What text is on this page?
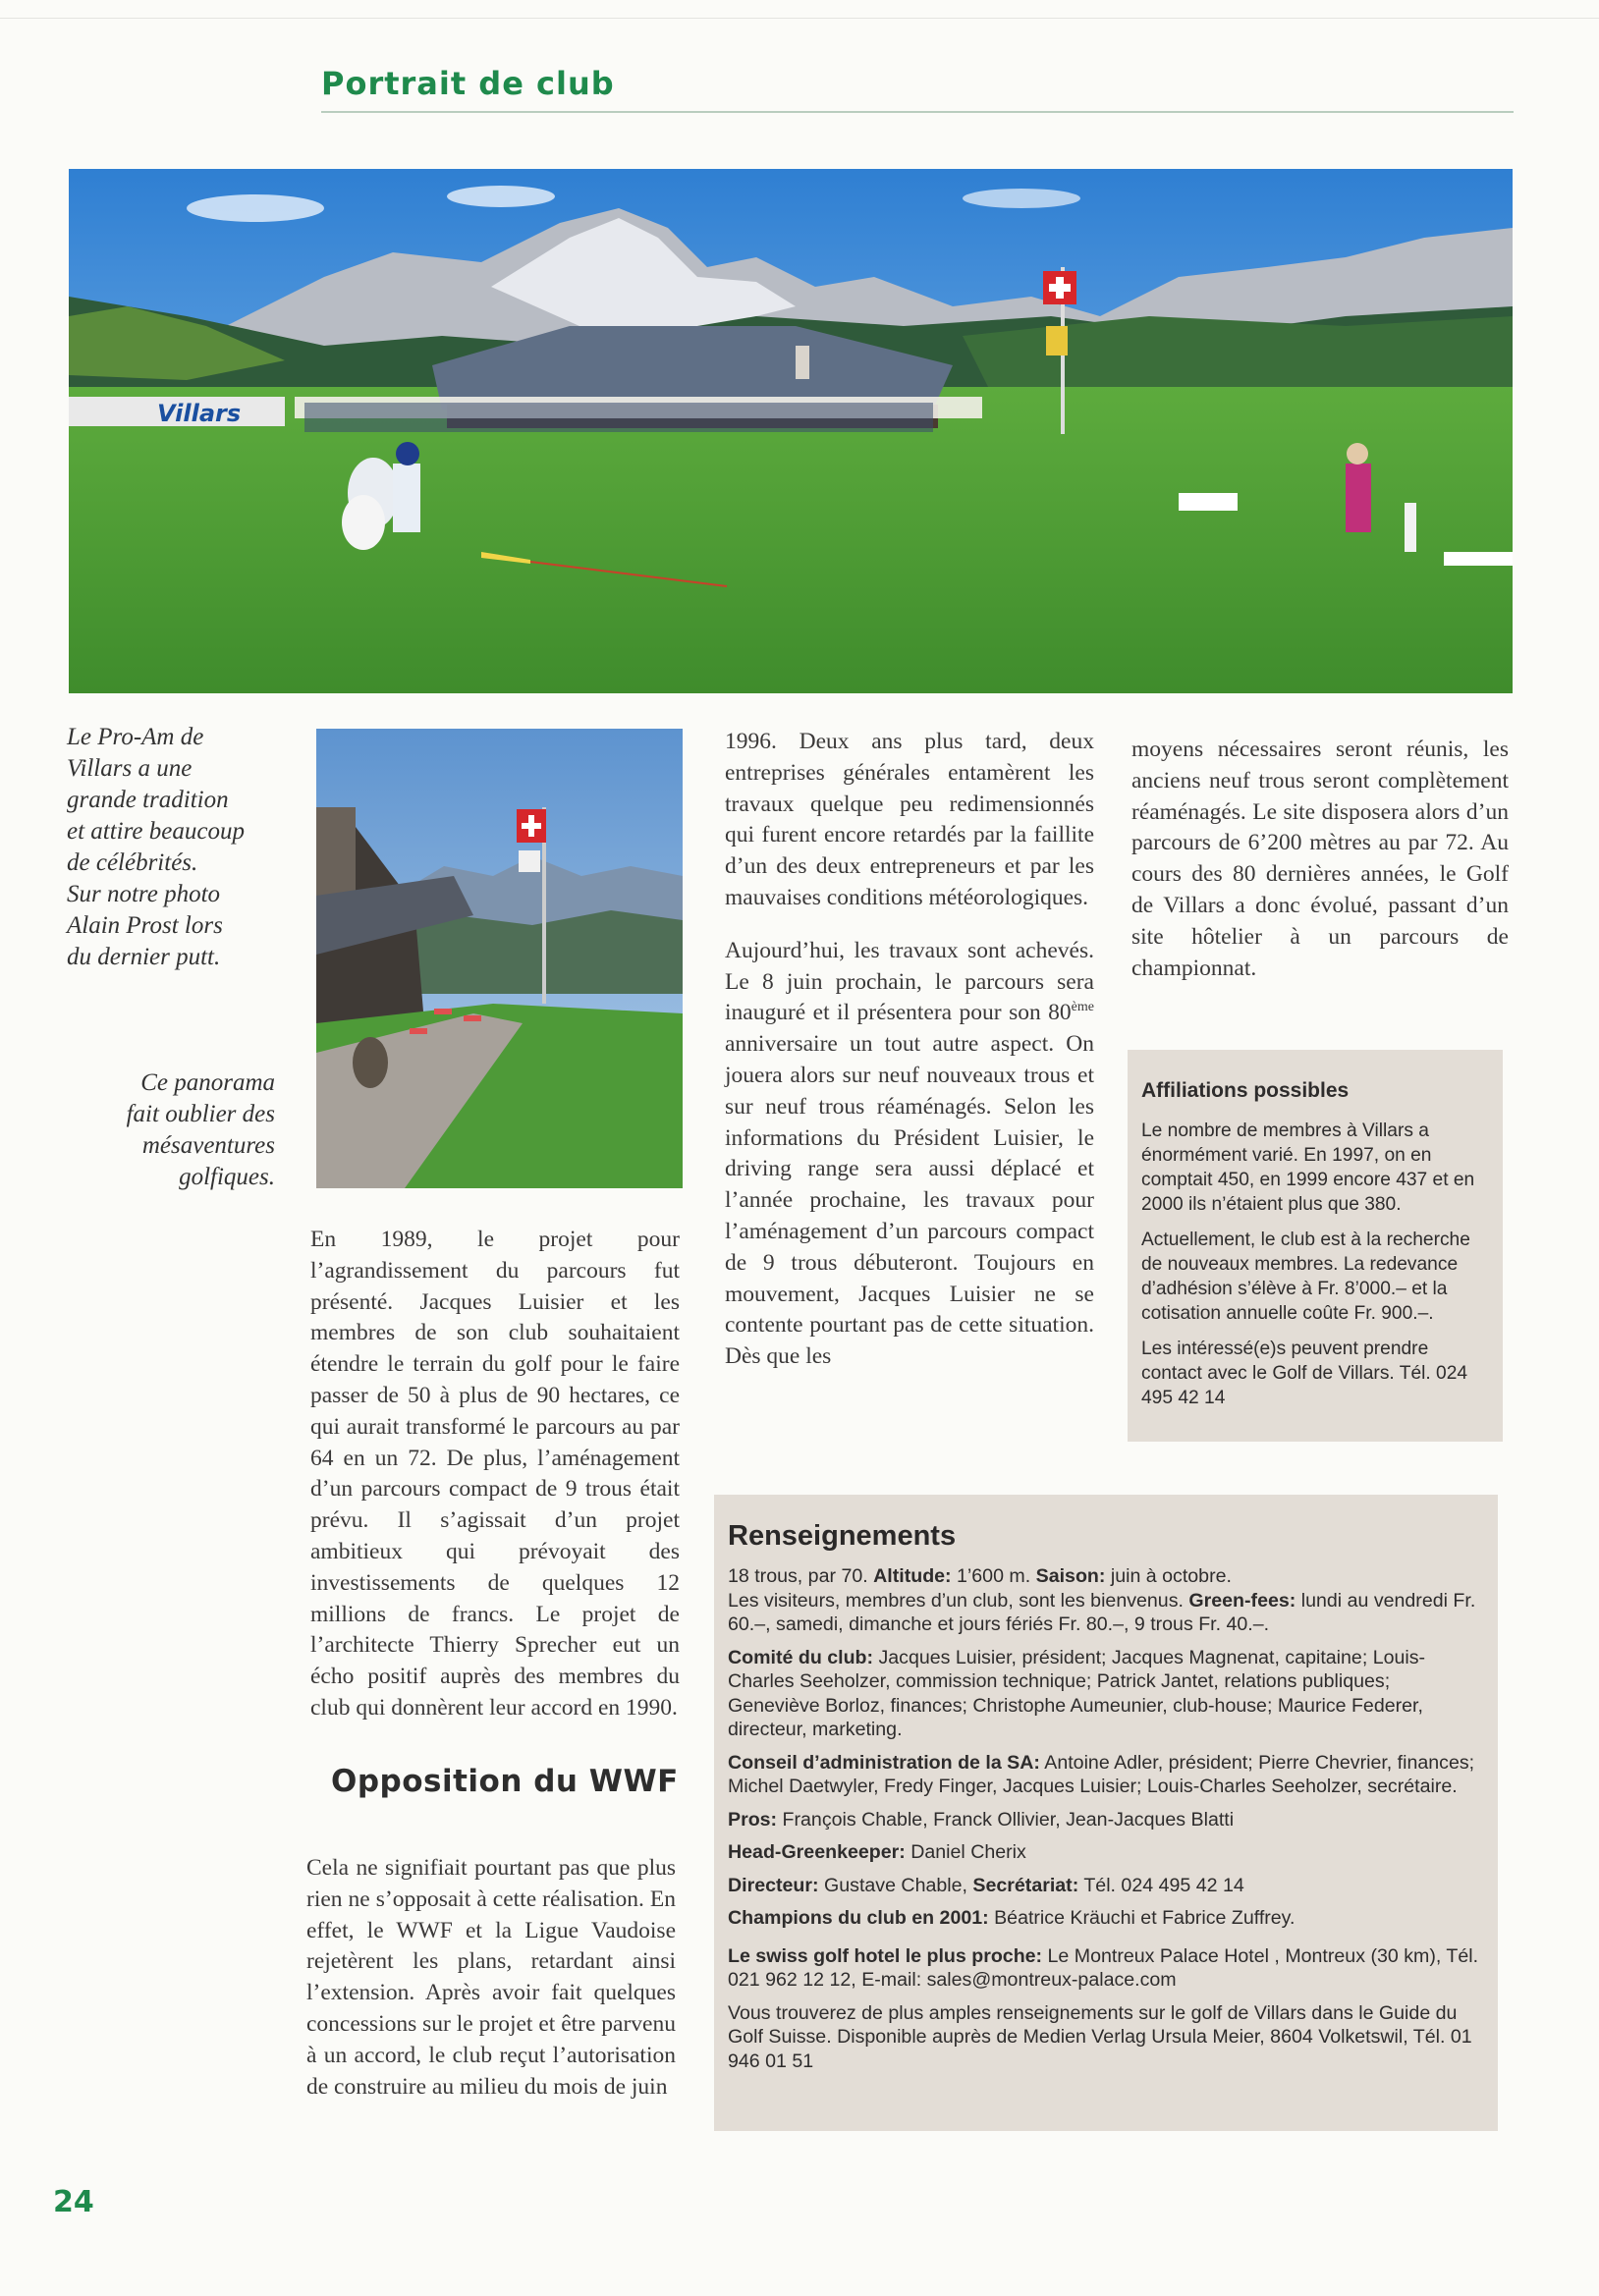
Portrait de club
Villars
Le Pro-Am de
Villars a une
grande tradition
et attire beaucoup
de célébrités.
Sur notre photo
Alain Prost lors
du dernier putt.
Ce panorama
fait oublier des
mésaventures
golfiques.

En 1989, le projet pour l’agrandissement du parcours fut présenté. Jacques Luisier et les membres de son club souhaitaient étendre le terrain du golf pour le faire passer de 50 à plus de 90 hectares, ce qui aurait transformé le parcours au par 64 en un 72. De plus, l’aménagement d’un parcours compact de 9 trous était prévu. Il s’agissait d’un projet ambitieux qui prévoyait des investissements de quelques 12 millions de francs. Le projet de l’architecte Thierry Sprecher eut un écho positif auprès des membres du club qui donnèrent leur accord en 1990.

Opposition du WWF

Cela ne signifiait pourtant pas que plus rien ne s’opposait à cette réalisation. En effet, le WWF et la Ligue Vaudoise rejetèrent les plans, retardant ainsi l’extension. Après avoir fait quelques concessions sur le projet et être parvenu à un accord, le club reçut l’autorisation de construire au milieu du mois de juin

1996. Deux ans plus tard, deux entreprises générales entamèrent les travaux quelque peu redimensionnés qui furent encore retardés par la faillite d’un des deux entrepreneurs et par les mauvaises conditions météorologiques.

Aujourd’hui, les travaux sont achevés. Le 8 juin prochain, le parcours sera inauguré et il présentera pour son 80ème anniversaire un tout autre aspect. On jouera alors sur neuf nouveaux trous et sur neuf trous réaménagés. Selon les informations du Président Luisier, le driving range sera aussi déplacé et l’année prochaine, les travaux pour l’aménagement d’un parcours compact de 9 trous débuteront. Toujours en mouvement, Jacques Luisier ne se contente pourtant pas de cette situation. Dès que les

moyens nécessaires seront réunis, les anciens neuf trous seront complètement réaménagés. Le site disposera alors d’un parcours de 6’200 mètres au par 72. Au cours des 80 dernières années, le Golf de Villars a donc évolué, passant d’un site hôtelier à un parcours de championnat.

Affiliations possibles

Le nombre de membres à Villars a énormément varié. En 1997, on en comptait 450, en 1999 encore 437 et en 2000 ils n’étaient plus que 380.

Actuellement, le club est à la recherche de nouveaux membres. La redevance d’adhésion s’élève à Fr. 8’000.– et la cotisation annuelle coûte Fr. 900.–.

Les intéressé(e)s peuvent prendre contact avec le Golf de Villars. Tél. 024 495 42 14

Renseignements

18 trous, par 70. Altitude: 1’600 m. Saison: juin à octobre.
Les visiteurs, membres d’un club, sont les bienvenus. Green-fees: lundi au vendredi Fr. 60.–, samedi, dimanche et jours fériés Fr. 80.–, 9 trous Fr. 40.–.

Comité du club: Jacques Luisier, président; Jacques Magnenat, capitaine; Louis-Charles Seeholzer, commission technique; Patrick Jantet, relations publiques; Geneviève Borloz, finances; Christophe Aumeunier, club-house; Maurice Federer, directeur, marketing.

Conseil d’administration de la SA: Antoine Adler, président; Pierre Chevrier, finances; Michel Daetwyler, Fredy Finger, Jacques Luisier; Louis-Charles Seeholzer, secrétaire.

Pros: François Chable, Franck Ollivier, Jean-Jacques Blatti

Head-Greenkeeper: Daniel Cherix

Directeur: Gustave Chable, Secrétariat: Tél. 024 495 42 14

Champions du club en 2001: Béatrice Kräuchi et Fabrice Zuffrey.

Le swiss golf hotel le plus proche: Le Montreux Palace Hotel , Montreux (30 km), Tél. 021 962 12 12, E-mail: sales@montreux-palace.com

Vous trouverez de plus amples renseignements sur le golf de Villars dans le Guide du Golf Suisse. Disponible auprès de Medien Verlag Ursula Meier, 8604 Volketswil, Tél. 01 946 01 51

24
